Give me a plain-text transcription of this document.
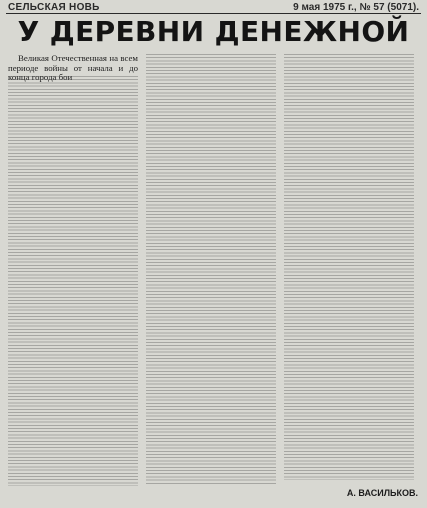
СЕЛЬСКАЯ НОВЬ	9 мая 1975 г., № 57 (5071).
У ДЕРЕВНИ ДЕНЕЖНОЙ

Великая Отечественная на всем периоде войны от начала и до конца города бои

А. ВАСИЛЬКОВ.
